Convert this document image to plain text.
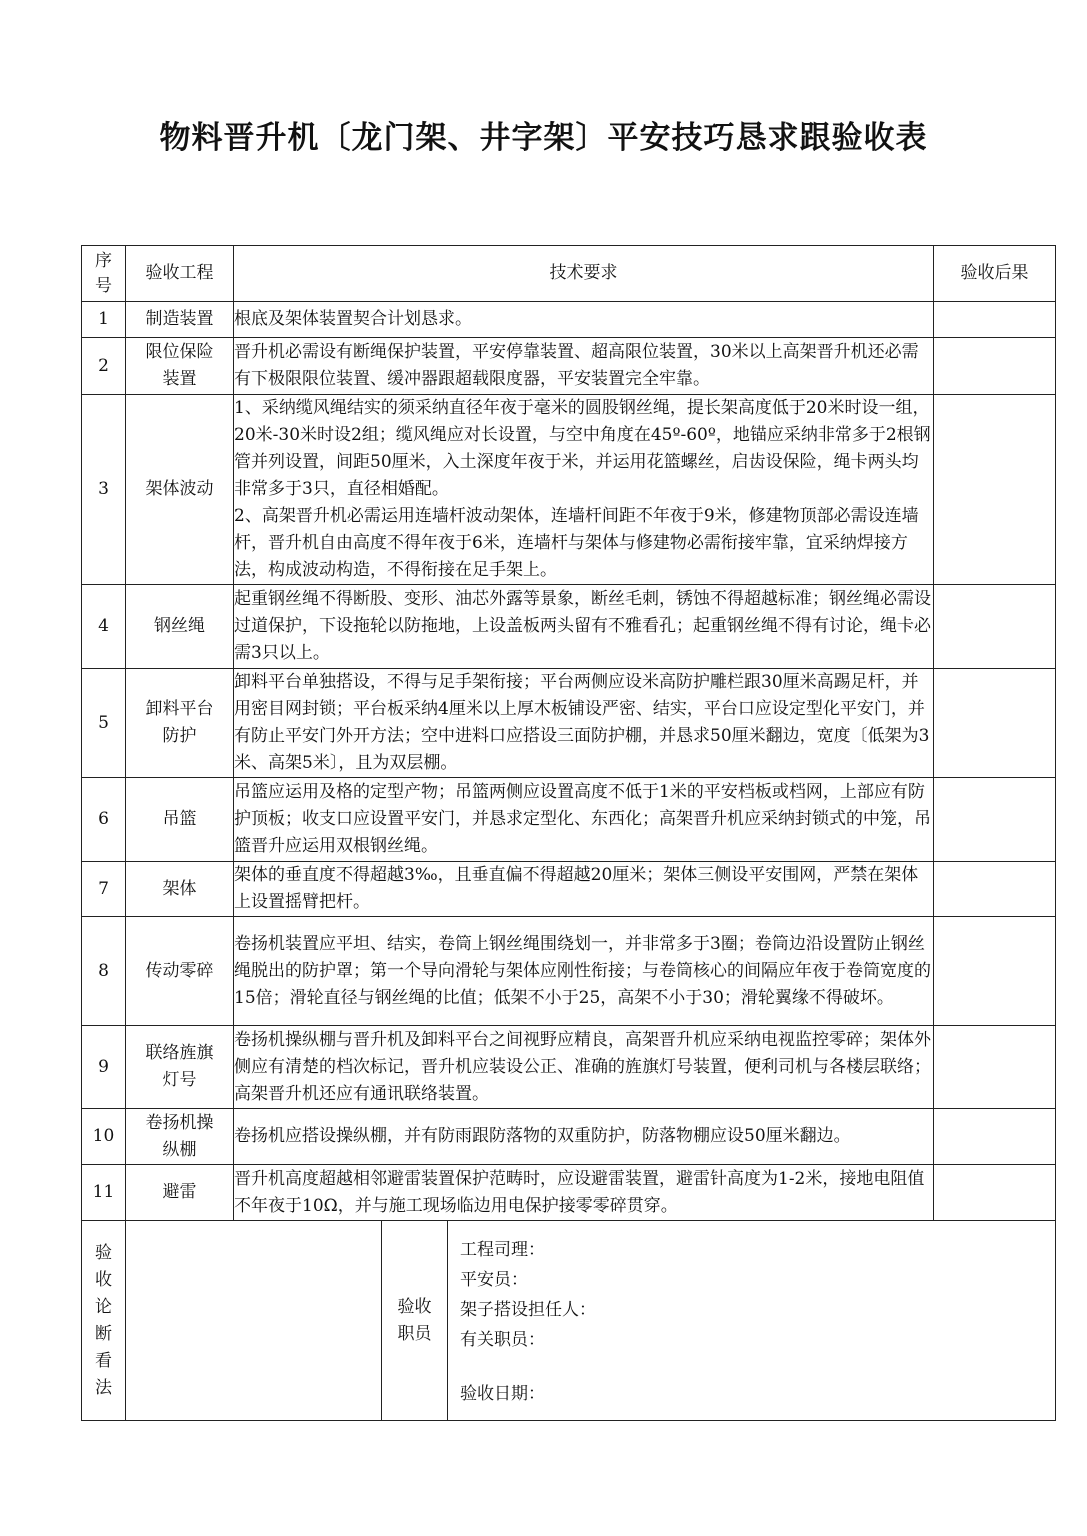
物料晋升机〔龙门架、井字架〕平安技巧恳求跟验收表
序号	验收工程	技术要求			验收后果
1	制造装置	根底及架体装置契合计划恳求。			
2	限位保险装置	晋升机必需设有断绳保护装置，平安停靠装置、超高限位装置，30米以上高架晋升机还必需有下极限限位装置、缓冲器跟超载限度器，平安装置完全牢靠。			
3	架体波动	1、采纳缆风绳结实的须采纳直径年夜于毫米的圆股钢丝绳，提长架高度低于20米时设一组，20米-30米时设2组；缆风绳应对长设置，与空中角度在45º-60º，地锚应采纳非常多于2根钢管并列设置，间距50厘米，入土深度年夜于米，并运用花篮螺丝，启齿设保险，绳卡两头均非常多于3只，直径相婚配。
2、高架晋升机必需运用连墙杆波动架体，连墙杆间距不年夜于9米，修建物顶部必需设连墙杆，晋升机自由高度不得年夜于6米，连墙杆与架体与修建物必需衔接牢靠，宜采纳焊接方法，构成波动构造，不得衔接在足手架上。			

4	钢丝绳	起重钢丝绳不得断股、变形、油芯外露等景象，断丝毛刺，锈蚀不得超越标准；钢丝绳必需设过道保护，下设拖轮以防拖地，上设盖板两头留有不雅看孔；起重钢丝绳不得有讨论，绳卡必需3只以上。			
5	卸料平台防护	卸料平台单独搭设，不得与足手架衔接；平台两侧应设米高防护雕栏跟30厘米高踢足杆，并用密目网封锁；平台板采纳4厘米以上厚木板铺设严密、结实，平台口应设定型化平安门，并有防止平安门外开方法；空中进料口应搭设三面防护棚，并恳求50厘米翻边，宽度〔低架为3米、高架5米〕，且为双层棚。			
6	吊篮	吊篮应运用及格的定型产物；吊篮两侧应设置高度不低于1米的平安档板或档网，上部应有防护顶板；收支口应设置平安门，并恳求定型化、东西化；高架晋升机应采纳封锁式的中笼，吊篮晋升应运用双根钢丝绳。			
7	架体	架体的垂直度不得超越3‰，且垂直偏不得超越20厘米；架体三侧设平安围网，严禁在架体上设置摇臂把杆。			
8	传动零碎	卷扬机装置应平坦、结实，卷筒上钢丝绳围绕划一，并非常多于3圈；卷筒边沿设置防止钢丝绳脱出的防护罩；第一个导向滑轮与架体应刚性衔接；与卷筒核心的间隔应年夜于卷筒宽度的15倍；滑轮直径与钢丝绳的比值；低架不小于25，高架不小于30；滑轮翼缘不得破坏。			
9	联络旌旗灯号	卷扬机操纵棚与晋升机及卸料平台之间视野应精良，高架晋升机应采纳电视监控零碎；架体外侧应有清楚的档次标记，晋升机应装设公正、准确的旌旗灯号装置，便利司机与各楼层联络；高架晋升机还应有通讯联络装置。			
10	卷扬机操纵棚	卷扬机应搭设操纵棚，并有防雨跟防落物的双重防护，防落物棚应设50厘米翻边。			
11	避雷	晋升机高度超越相邻避雷装置保护范畴时，应设避雷装置，避雷针高度为1-2米，接地电阻值不年夜于10Ω，并与施工现场临边用电保护接零零碎贯穿。			

验收论断看法			验收职员	工程司理：
平安员：
架子搭设担任人：
有关职员：
验收日期：	
